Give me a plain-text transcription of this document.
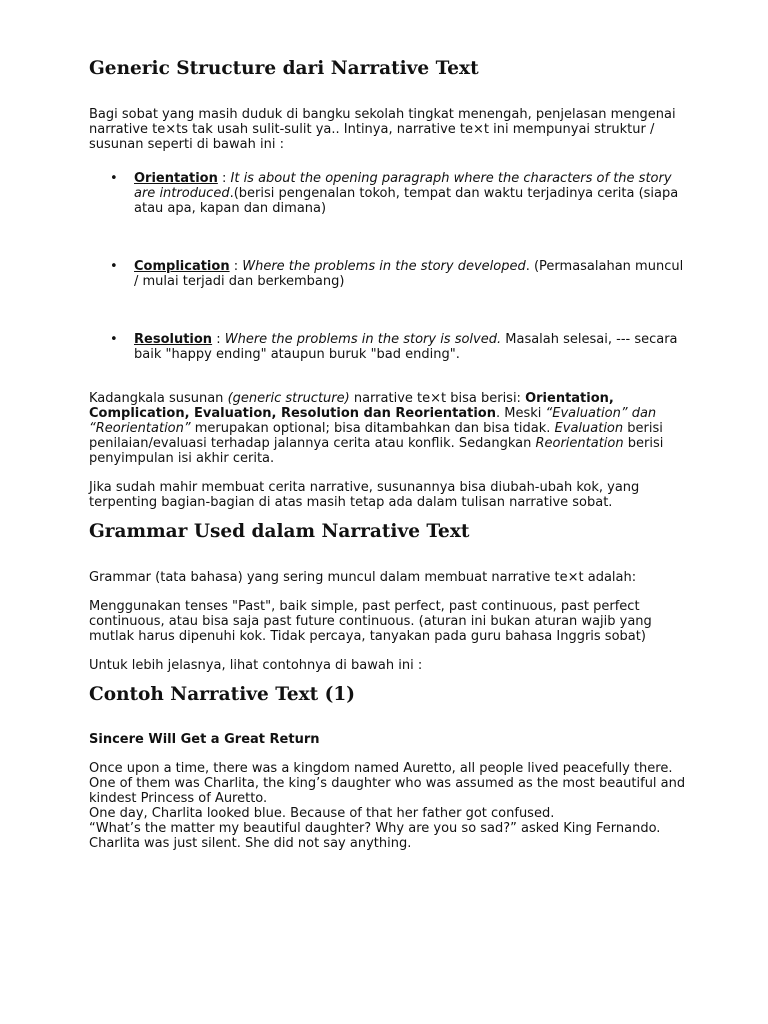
Generic Structure dari Narrative Text

Bagi sobat yang masih duduk di bangku sekolah tingkat menengah, penjelasan mengenai narrative te×ts tak usah sulit-sulit ya.. Intinya, narrative te×t ini mempunyai struktur / susunan seperti di bawah ini :

• Orientation : It is about the opening paragraph where the characters of the story are introduced.(berisi pengenalan tokoh, tempat dan waktu terjadinya cerita (siapa atau apa, kapan dan dimana)
• Complication : Where the problems in the story developed. (Permasalahan muncul / mulai terjadi dan berkembang)
• Resolution : Where the problems in the story is solved. Masalah selesai, --- secara baik "happy ending" ataupun buruk "bad ending".

Kadangkala susunan (generic structure) narrative te×t bisa berisi: Orientation, Complication, Evaluation, Resolution dan Reorientation. Meski “Evaluation” dan “Reorientation” merupakan optional; bisa ditambahkan dan bisa tidak. Evaluation berisi penilaian/evaluasi terhadap jalannya cerita atau konflik. Sedangkan Reorientation berisi penyimpulan isi akhir cerita.

Jika sudah mahir membuat cerita narrative, susunannya bisa diubah-ubah kok, yang terpenting bagian-bagian di atas masih tetap ada dalam tulisan narrative sobat.

Grammar Used dalam Narrative Text

Grammar (tata bahasa) yang sering muncul dalam membuat narrative te×t adalah:

Menggunakan tenses "Past", baik simple, past perfect, past continuous, past perfect continuous, atau bisa saja past future continuous. (aturan ini bukan aturan wajib yang mutlak harus dipenuhi kok. Tidak percaya, tanyakan pada guru bahasa Inggris sobat)

Untuk lebih jelasnya, lihat contohnya di bawah ini :

Contoh Narrative Text (1)
Sincere Will Get a Great Return

Once upon a time, there was a kingdom named Auretto, all people lived peacefully there. One of them was Charlita, the king’s daughter who was assumed as the most beautiful and kindest Princess of Auretto.

One day, Charlita looked blue. Because of that her father got confused.

“What’s the matter my beautiful daughter? Why are you so sad?” asked King Fernando. Charlita was just silent. She did not say anything.
